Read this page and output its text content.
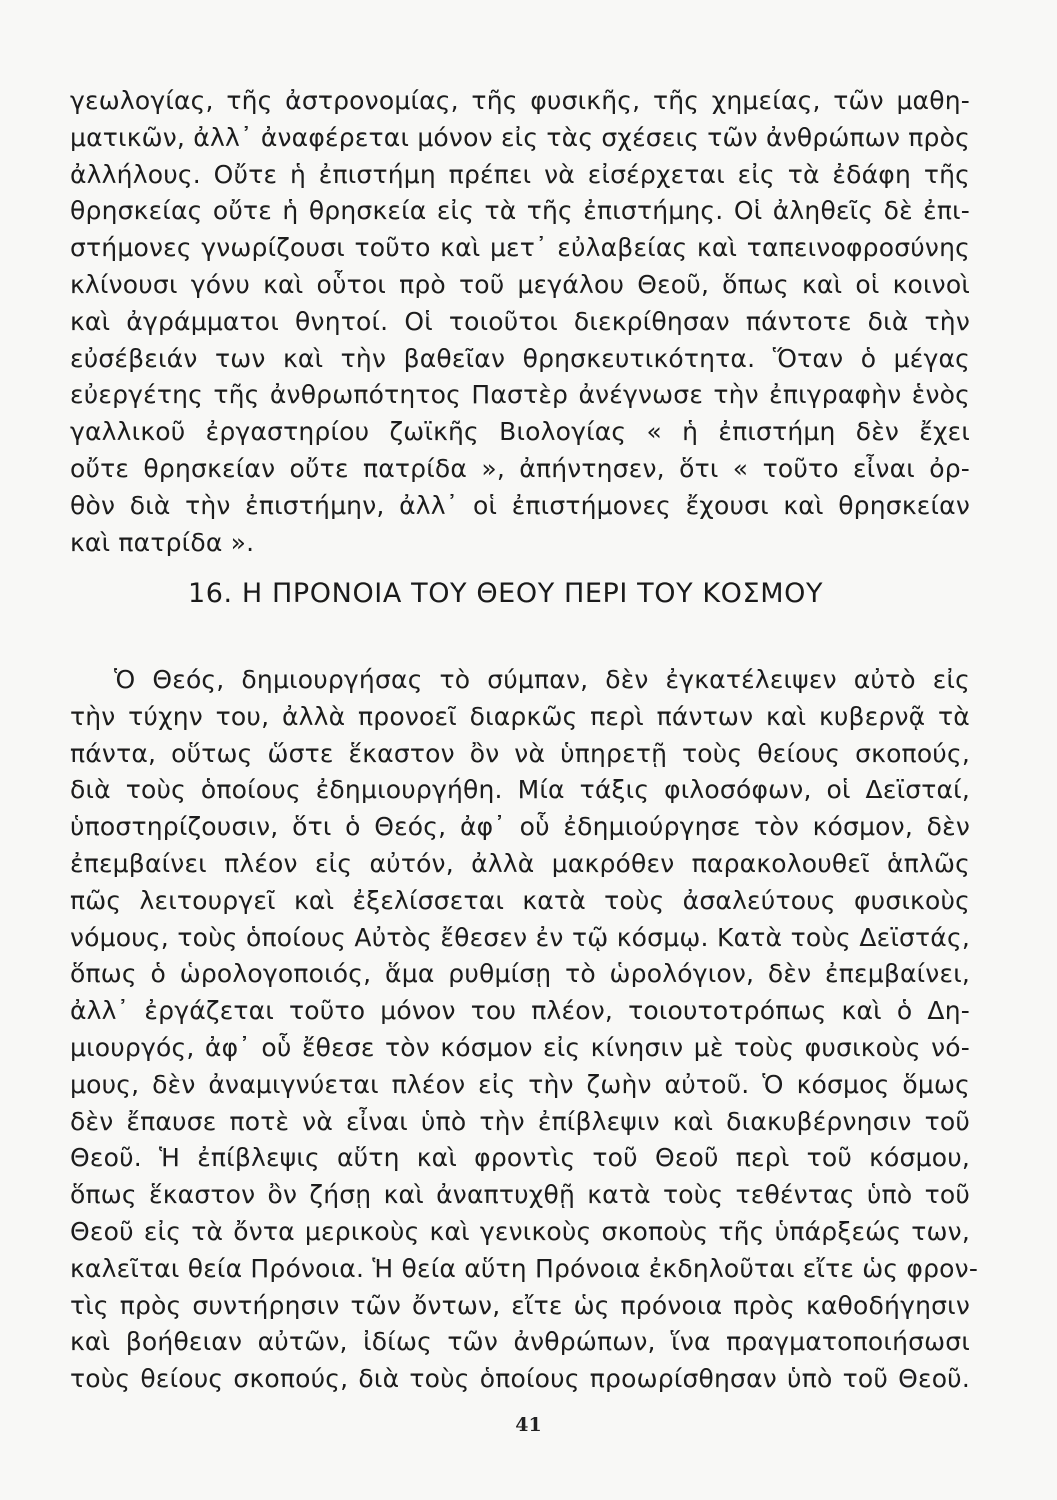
γεωλογίας, τῆς ἀστρονομίας, τῆς φυσικῆς, τῆς χημείας, τῶν μαθη-
ματικῶν, ἀλλ᾽ ἀναφέρεται μόνον εἰς τὰς σχέσεις τῶν ἀνθρώπων πρὸς
ἀλλήλους. Οὔτε ἡ ἐπιστήμη πρέπει νὰ εἰσέρχεται εἰς τὰ ἐδάφη τῆς
θρησκείας οὔτε ἡ θρησκεία εἰς τὰ τῆς ἐπιστήμης. Οἱ ἀληθεῖς δὲ ἐπι-
στήμονες γνωρίζουσι τοῦτο καὶ μετ᾽ εὐλαβείας καὶ ταπεινοφροσύνης
κλίνουσι γόνυ καὶ οὗτοι πρὸ τοῦ μεγάλου Θεοῦ, ὅπως καὶ οἱ κοινοὶ
καὶ ἀγράμματοι θνητοί. Οἱ τοιοῦτοι διεκρίθησαν πάντοτε διὰ τὴν
εὐσέβειάν των καὶ τὴν βαθεῖαν θρησκευτικότητα. Ὅταν ὁ μέγας
εὐεργέτης τῆς ἀνθρωπότητος Παστὲρ ἀνέγνωσε τὴν ἐπιγραφὴν ἑνὸς
γαλλικοῦ ἐργαστηρίου ζωϊκῆς Βιολογίας « ἡ ἐπιστήμη δὲν ἔχει
οὔτε θρησκείαν οὔτε πατρίδα », ἀπήντησεν, ὅτι « τοῦτο εἶναι ὀρ-
θὸν διὰ τὴν ἐπιστήμην, ἀλλ᾽ οἱ ἐπιστήμονες ἔχουσι καὶ θρησκείαν
καὶ πατρίδα ».
16. Η ΠΡΟΝΟΙΑ ΤΟΥ ΘΕΟΥ ΠΕΡΙ ΤΟΥ ΚΟΣΜΟΥ
Ὁ Θεός, δημιουργήσας τὸ σύμπαν, δὲν ἐγκατέλειψεν αὐτὸ εἰς
τὴν τύχην του, ἀλλὰ προνοεῖ διαρκῶς περὶ πάντων καὶ κυβερνᾷ τὰ
πάντα, οὕτως ὥστε ἕκαστον ὂν νὰ ὑπηρετῇ τοὺς θείους σκοπούς,
διὰ τοὺς ὁποίους ἐδημιουργήθη. Μία τάξις φιλοσόφων, οἱ Δεϊσταί,
ὑποστηρίζουσιν, ὅτι ὁ Θεός, ἀφ᾽ οὗ ἐδημιούργησε τὸν κόσμον, δὲν
ἐπεμβαίνει πλέον εἰς αὐτόν, ἀλλὰ μακρόθεν παρακολουθεῖ ἁπλῶς
πῶς λειτουργεῖ καὶ ἐξελίσσεται κατὰ τοὺς ἀσαλεύτους φυσικοὺς
νόμους, τοὺς ὁποίους Αὐτὸς ἔθεσεν ἐν τῷ κόσμῳ. Κατὰ τοὺς Δεϊστάς,
ὅπως ὁ ὡρολογοποιός, ἅμα ρυθμίσῃ τὸ ὡρολόγιον, δὲν ἐπεμβαίνει,
ἀλλ᾽ ἐργάζεται τοῦτο μόνον του πλέον, τοιουτοτρόπως καὶ ὁ Δη-
μιουργός, ἀφ᾽ οὗ ἔθεσε τὸν κόσμον εἰς κίνησιν μὲ τοὺς φυσικοὺς νό-
μους, δὲν ἀναμιγνύεται πλέον εἰς τὴν ζωὴν αὐτοῦ. Ὁ κόσμος ὅμως
δὲν ἔπαυσε ποτὲ νὰ εἶναι ὑπὸ τὴν ἐπίβλεψιν καὶ διακυβέρνησιν τοῦ
Θεοῦ. Ἡ ἐπίβλεψις αὕτη καὶ φροντὶς τοῦ Θεοῦ περὶ τοῦ κόσμου,
ὅπως ἕκαστον ὂν ζήσῃ καὶ ἀναπτυχθῇ κατὰ τοὺς τεθέντας ὑπὸ τοῦ
Θεοῦ εἰς τὰ ὄντα μερικοὺς καὶ γενικοὺς σκοποὺς τῆς ὑπάρξεώς των,
καλεῖται θεία Πρόνοια. Ἡ θεία αὕτη Πρόνοια ἐκδηλοῦται εἴτε ὡς φρον-
τὶς πρὸς συντήρησιν τῶν ὄντων, εἴτε ὡς πρόνοια πρὸς καθοδήγησιν
καὶ βοήθειαν αὐτῶν, ἰδίως τῶν ἀνθρώπων, ἵνα πραγματοποιήσωσι
τοὺς θείους σκοπούς, διὰ τοὺς ὁποίους προωρίσθησαν ὑπὸ τοῦ Θεοῦ.
41
